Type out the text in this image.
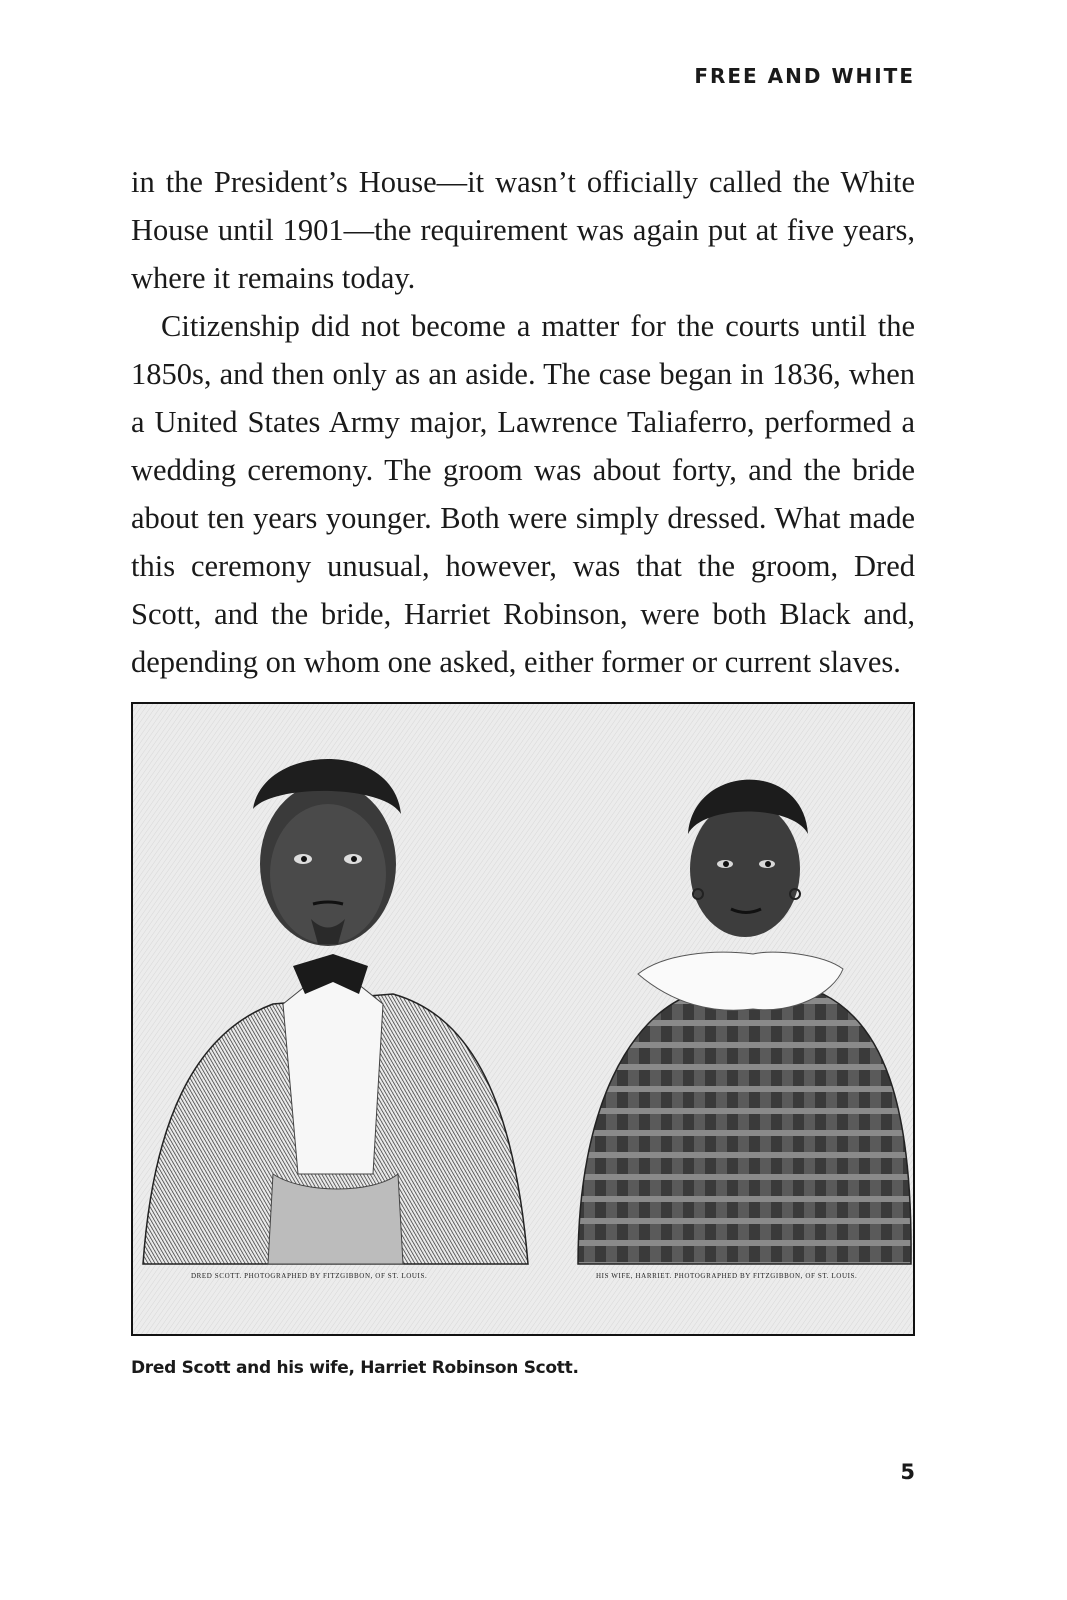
FREE AND WHITE

in the President’s House—it wasn’t officially called the White House until 1901—the requirement was again put at five years, where it remains today.

Citizenship did not become a matter for the courts until the 1850s, and then only as an aside. The case began in 1836, when a United States Army major, Lawrence Taliaferro, performed a wedding ceremony. The groom was about forty, and the bride about ten years younger. Both were simply dressed. What made this ceremony unusual, however, was that the groom, Dred Scott, and the bride, Harriet Robinson, were both Black and, depending on whom one asked, either former or current slaves.

DRED SCOTT. PHOTOGRAPHED BY FITZGIBBON, OF ST. LOUIS.	HIS WIFE, HARRIET. PHOTOGRAPHED BY FITZGIBBON, OF ST. LOUIS.
Dred Scott and his wife, Harriet Robinson Scott.
5
